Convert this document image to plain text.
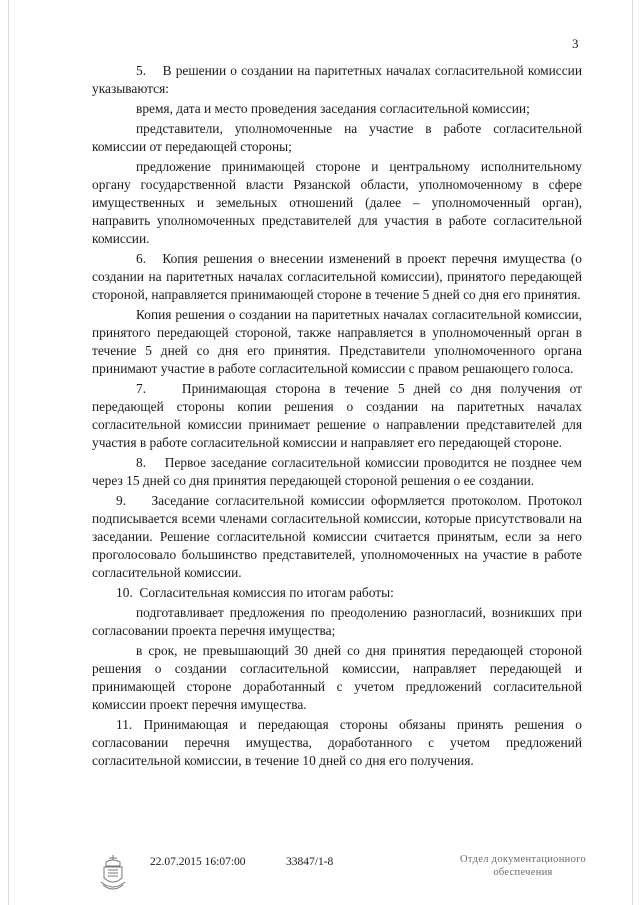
3

5.    В решении о создании на паритетных началах согласительной комиссии указываются:

время, дата и место проведения заседания согласительной комиссии;

представители, уполномоченные на участие в работе согласительной комиссии от передающей стороны;

предложение принимающей стороне и центральному исполнительному органу государственной власти Рязанской области, уполномоченному в сфере имущественных и земельных отношений (далее – уполномоченный орган), направить уполномоченных представителей для участия в работе согласительной комиссии.

6.   Копия решения о внесении изменений в проект перечня имущества (о создании на паритетных началах согласительной комиссии), принятого передающей стороной, направляется принимающей стороне в течение 5 дней со дня его принятия.

Копия решения о создании на паритетных началах согласительной комиссии, принятого передающей стороной, также направляется в уполномоченный орган в течение 5 дней со дня его принятия. Представители уполномоченного органа принимают участие в работе согласительной комиссии с правом решающего голоса.

7.    Принимающая сторона в течение 5 дней со дня получения от передающей стороны копии решения о создании на паритетных началах согласительной комиссии принимает решение о направлении представителей для участия в работе согласительной комиссии и направляет его передающей стороне.

8.    Первое заседание согласительной комиссии проводится не позднее чем через 15 дней со дня принятия передающей стороной решения о ее создании.

9.    Заседание согласительной комиссии оформляется протоколом. Протокол подписывается всеми членами согласительной комиссии, которые присутствовали на заседании. Решение согласительной комиссии считается принятым, если за него проголосовало большинство представителей, уполномоченных на участие в работе согласительной комиссии.

10.  Согласительная комиссия по итогам работы:

подготавливает предложения по преодолению разногласий, возникших при согласовании проекта перечня имущества;

в срок, не превышающий 30 дней со дня принятия передающей стороной решения о создании согласительной комиссии, направляет передающей и принимающей стороне доработанный с учетом предложений согласительной комиссии проект перечня имущества.

11. Принимающая и передающая стороны обязаны принять решения о согласовании перечня имущества, доработанного с учетом предложений согласительной комиссии, в течение 10 дней со дня его получения.

22.07.2015 16:07:00	33847/1-8	Отдел документационного обеспечения
